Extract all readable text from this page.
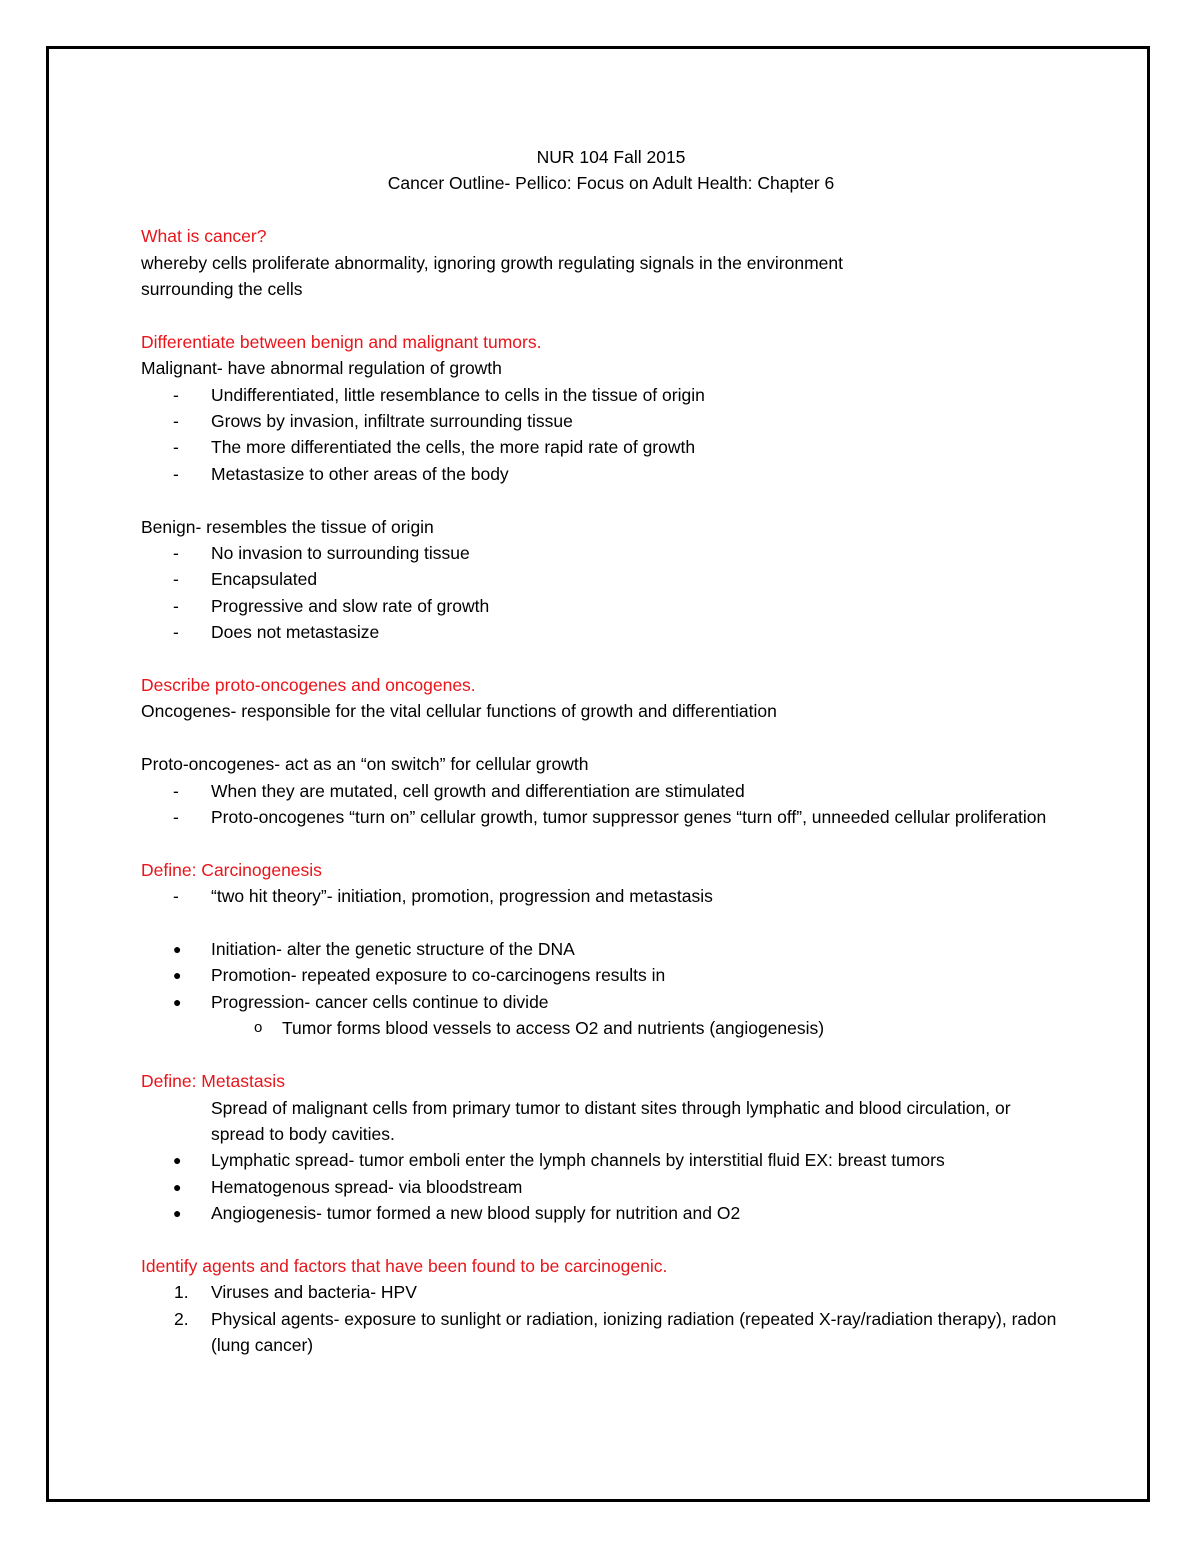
NUR 104 Fall 2015

Cancer Outline- Pellico: Focus on Adult Health: Chapter 6

What is cancer?

whereby cells proliferate abnormality, ignoring growth regulating signals in the environment

surrounding the cells

Differentiate between benign and malignant tumors.

Malignant- have abnormal regulation of growth

- Undifferentiated, little resemblance to cells in the tissue of origin
- Grows by invasion, infiltrate surrounding tissue
- The more differentiated the cells, the more rapid rate of growth
- Metastasize to other areas of the body

Benign- resembles the tissue of origin

- No invasion to surrounding tissue
- Encapsulated
- Progressive and slow rate of growth
- Does not metastasize

Describe proto-oncogenes and oncogenes.

Oncogenes- responsible for the vital cellular functions of growth and differentiation

Proto-oncogenes- act as an “on switch” for cellular growth

- When they are mutated, cell growth and differentiation are stimulated
- Proto-oncogenes “turn on” cellular growth, tumor suppressor genes “turn off”, unneeded cellular proliferation

Define: Carcinogenesis

- “two hit theory”- initiation, promotion, progression and metastasis
● Initiation- alter the genetic structure of the DNA
● Promotion- repeated exposure to co-carcinogens results in
● Progression- cancer cells continue to divide
o Tumor forms blood vessels to access O2 and nutrients (angiogenesis)

Define: Metastasis

Spread of malignant cells from primary tumor to distant sites through lymphatic and blood circulation, or spread to body cavities.

● Lymphatic spread- tumor emboli enter the lymph channels by interstitial fluid EX: breast tumors
● Hematogenous spread- via bloodstream
● Angiogenesis- tumor formed a new blood supply for nutrition and O2

Identify agents and factors that have been found to be carcinogenic.

1. Viruses and bacteria- HPV
2. Physical agents- exposure to sunlight or radiation, ionizing radiation (repeated X-ray/radiation therapy), radon (lung cancer)
